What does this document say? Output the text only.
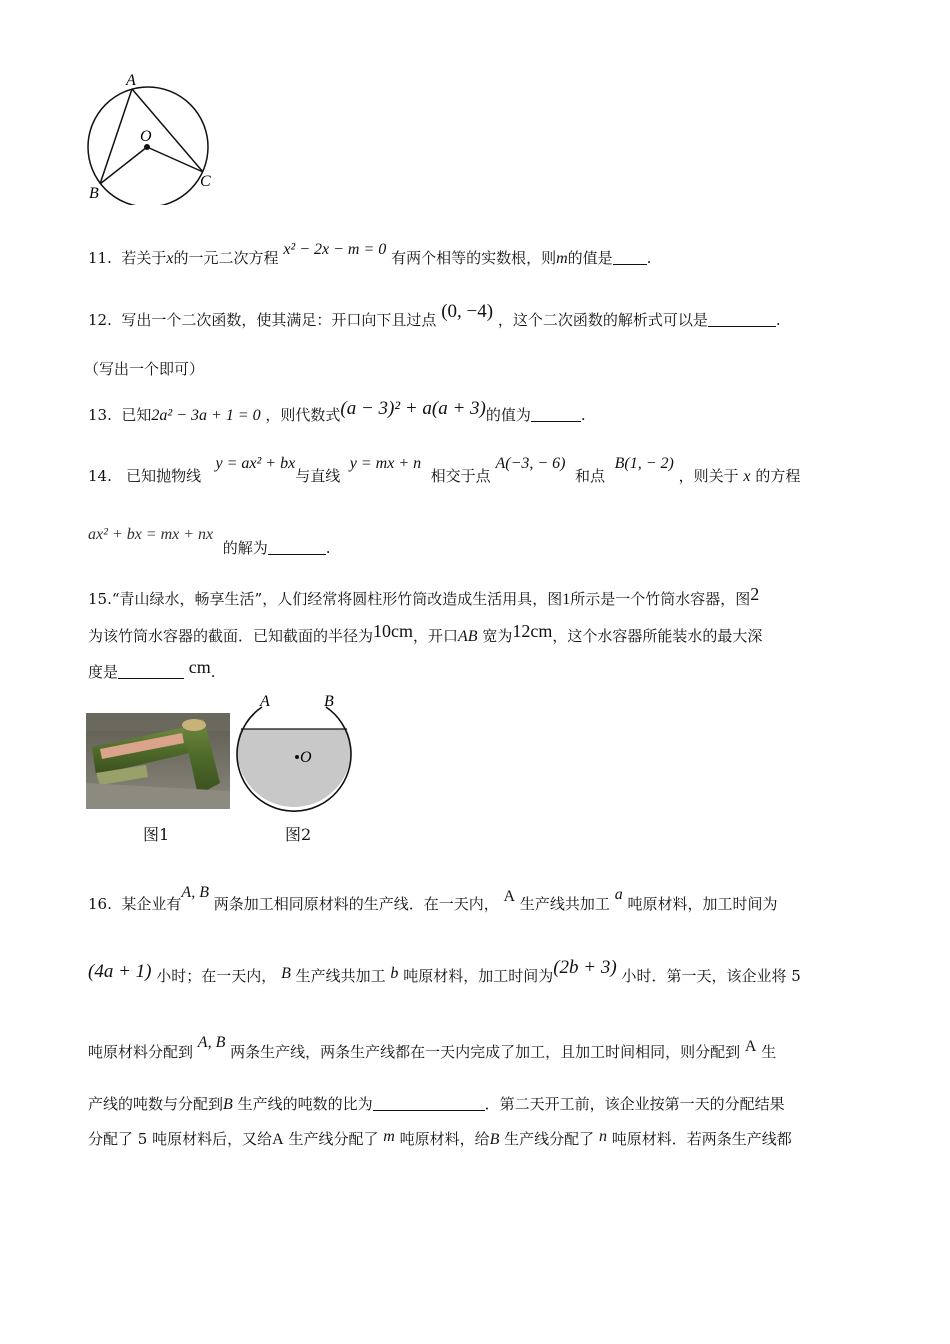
A
O
B
C
11. 若关于x的一元二次方程 x² − 2x − m = 0 有两个相等的实数根，则m的值是 .
12. 写出一个二次函数，使其满足：开口向下且过点 (0, −4) ，这个二次函数的解析式可以是	.
（写出一个即可）
13. 已知2a² − 3a + 1 = 0 ，则代数式(a − 3)² + a(a + 3)的值为	.
14. 已知抛物线   y = ax² + bx与直线  y = mx + n  相交于点 A(−3, − 6)  和点  B(1, − 2) ，则关于 x 的方程
ax² + bx = mx + nx  的解为	.
15.“青山绿水，畅享生活”，人们经常将圆柱形竹筒改造成生活用具，图1所示是一个竹筒水容器，图2
为该竹筒水容器的截面．已知截面的半径为10cm，开口AB 宽为12cm，这个水容器所能装水的最大深
度是	cm.
图1
A	B
O
图2
16. 某企业有A, B 两条加工相同原材料的生产线．在一天内， A 生产线共加工 a 吨原材料，加工时间为
(4a + 1) 小时；在一天内， B 生产线共加工 b 吨原材料，加工时间为(2b + 3) 小时．第一天，该企业将 5
吨原材料分配到 A, B 两条生产线，两条生产线都在一天内完成了加工，且加工时间相同，则分配到 A 生
产线的吨数与分配到B 生产线的吨数的比为	．第二天开工前，该企业按第一天的分配结果
分配了 5 吨原材料后，又给A 生产线分配了 m 吨原材料，给B 生产线分配了 n 吨原材料．若两条生产线都
